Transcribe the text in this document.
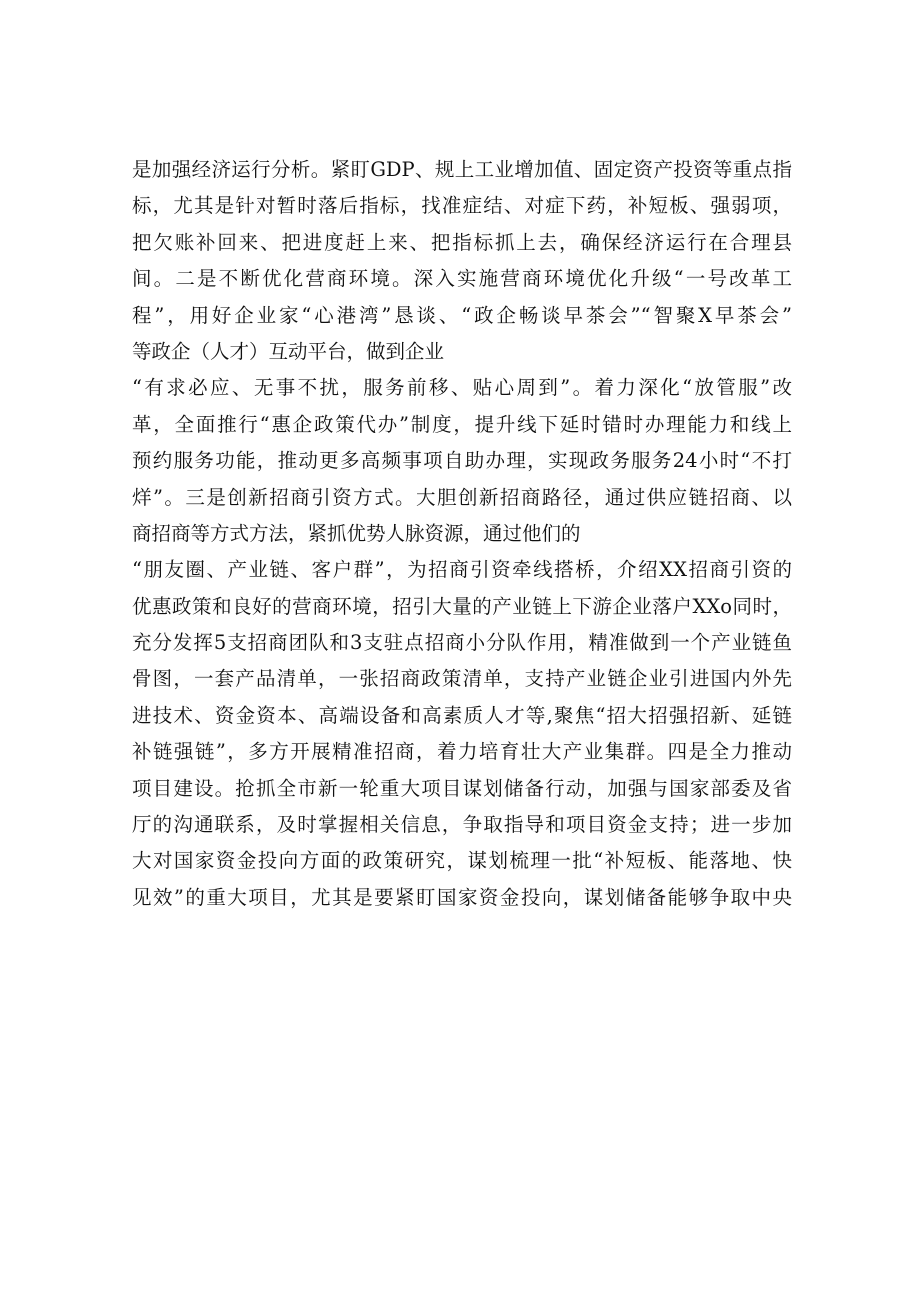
是加强经济运行分析。紧盯GDP、规上工业增加值、固定资产投资等重点指
标，尤其是针对暂时落后指标，找准症结、对症下药，补短板、强弱项，
把欠账补回来、把进度赶上来、把指标抓上去，确保经济运行在合理县
间。二是不断优化营商环境。深入实施营商环境优化升级“一号改革工
程”，用好企业家“心港湾”恳谈、“政企畅谈早茶会”“智聚X早茶会”
等政企（人才）互动平台，做到企业
“有求必应、无事不扰，服务前移、贴心周到”。着力深化“放管服”改
革，全面推行“惠企政策代办”制度，提升线下延时错时办理能力和线上
预约服务功能，推动更多高频事项自助办理，实现政务服务24小时“不打
烊”。三是创新招商引资方式。大胆创新招商路径，通过供应链招商、以
商招商等方式方法，紧抓优势人脉资源，通过他们的
“朋友圈、产业链、客户群”，为招商引资牵线搭桥，介绍XX招商引资的
优惠政策和良好的营商环境，招引大量的产业链上下游企业落户XXo同时，
充分发挥5支招商团队和3支驻点招商小分队作用，精准做到一个产业链鱼
骨图，一套产品清单，一张招商政策清单，支持产业链企业引进国内外先
进技术、资金资本、高端设备和高素质人才等,聚焦“招大招强招新、延链
补链强链”，多方开展精准招商，着力培育壮大产业集群。四是全力推动
项目建设。抢抓全市新一轮重大项目谋划储备行动，加强与国家部委及省
厅的沟通联系，及时掌握相关信息，争取指导和项目资金支持；进一步加
大对国家资金投向方面的政策研究，谋划梳理一批“补短板、能落地、快
见效”的重大项目，尤其是要紧盯国家资金投向，谋划储备能够争取中央
